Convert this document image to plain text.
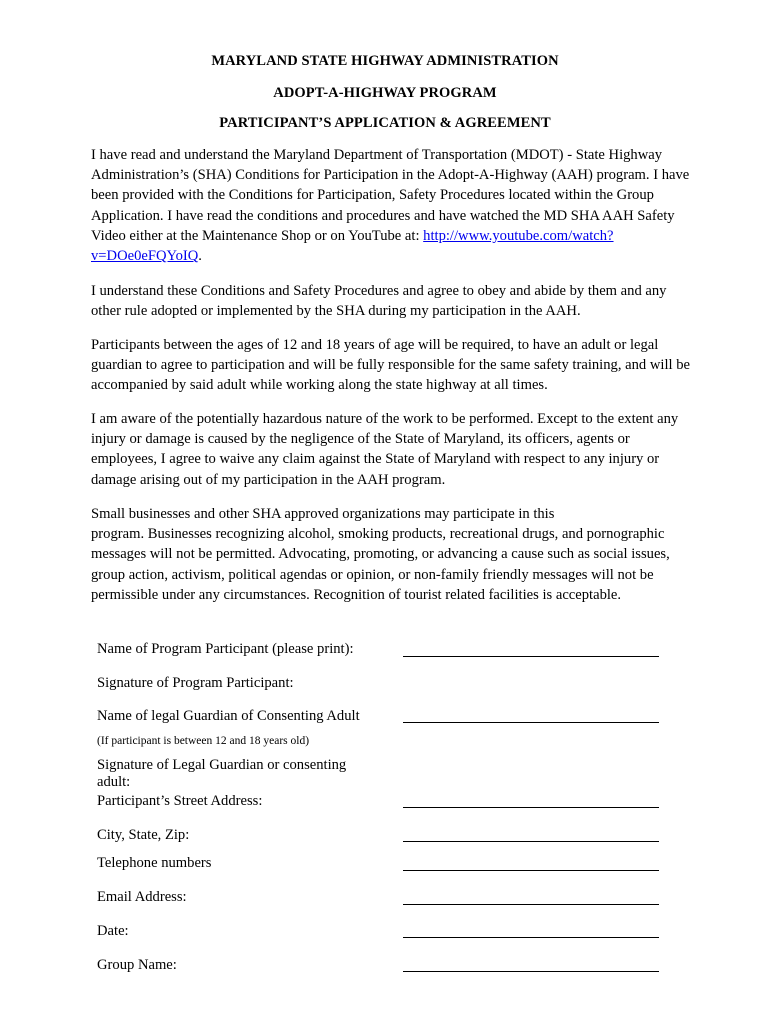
MARYLAND STATE HIGHWAY ADMINISTRATION
ADOPT-A-HIGHWAY PROGRAM
PARTICIPANT’S APPLICATION & AGREEMENT

I have read and understand the Maryland Department of Transportation (MDOT) - State Highway Administration’s (SHA) Conditions for Participation in the Adopt-A-Highway (AAH) program. I have been provided with the Conditions for Participation, Safety Procedures located within the Group Application. I have read the conditions and procedures and have watched the MD SHA AAH Safety Video either at the Maintenance Shop or on YouTube at: http://www.youtube.com/watch?v=DOe0eFQYoIQ.

I understand these Conditions and Safety Procedures and agree to obey and abide by them and any other rule adopted or implemented by the SHA during my participation in the AAH.

Participants between the ages of 12 and 18 years of age will be required, to have an adult or legal guardian to agree to participation and will be fully responsible for the same safety training, and will be accompanied by said adult while working along the state highway at all times.

I am aware of the potentially hazardous nature of the work to be performed. Except to the extent any injury or damage is caused by the negligence of the State of Maryland, its officers, agents or employees, I agree to waive any claim against the State of Maryland with respect to any injury or damage arising out of my participation in the AAH program.

Small businesses and other SHA approved organizations may participate in this
program. Businesses recognizing alcohol, smoking products, recreational drugs, and pornographic messages will not be permitted. Advocating, promoting, or advancing a cause such as social issues, group action, activism, political agendas or opinion, or non-family friendly messages will not be permissible under any circumstances. Recognition of tourist related facilities is acceptable.

Name of Program Participant (please print):
Signature of Program Participant:
Name of legal Guardian of Consenting Adult
(If participant is between 12 and 18 years old)
Signature of Legal Guardian or consenting adult:
Participant’s Street Address:
City, State, Zip:
Telephone numbers
Email Address:
Date:
Group Name:
